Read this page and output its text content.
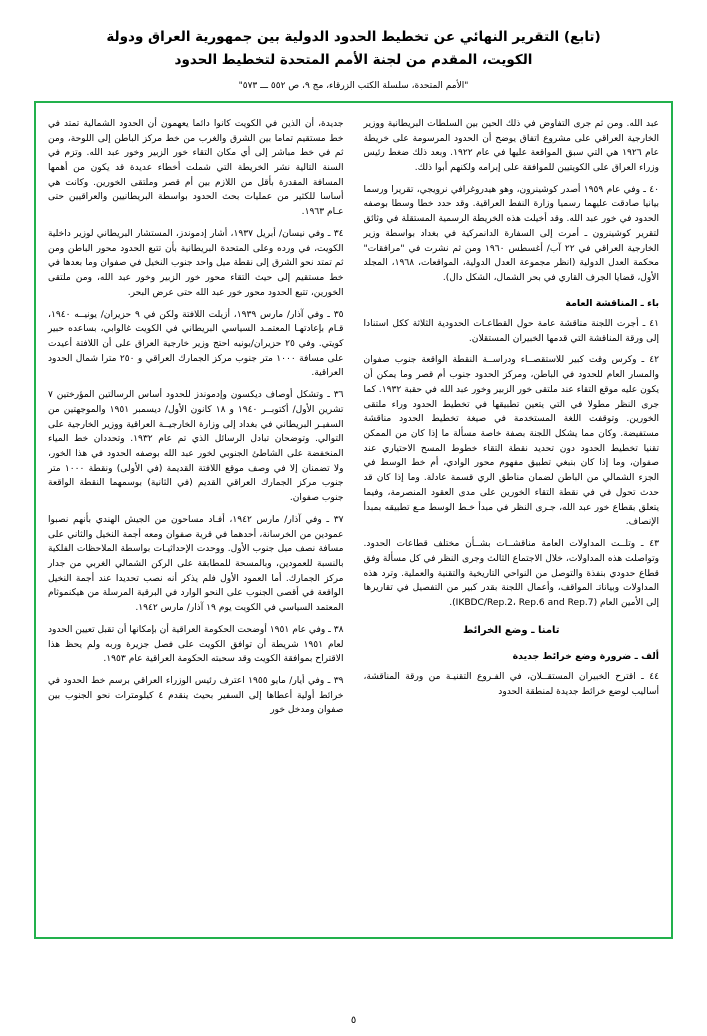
(تابع) التقرير النهائي عن تخطيط الحدود الدولية بين جمهورية العراق ودولة
الكويت، المقدم من لجنة الأمم المتحدة لتخطيط الحدود
"الأمم المتحدة، سلسلة الكتب الزرقاء، مج ٩، ص ٥٥٢ ـــ ٥٧٣"

عبد الله. ومن ثم جرى التفاوض في ذلك الحين بين السلطات البريطانية ووزير الخارجية العراقي على مشروع اتفاق يوضح أن الحدود المرسومة على خريطة عام ١٩٢٦ هي التي سبق المواقعة عليها في عام ١٩٢٢. وبعد ذلك ضغط رئيس وزراء العراق على الكويتيين للموافقة على إبرامه ولكنهم أبوا ذلك.

٤٠ ـ وفي عام ١٩٥٩ أصدر كوشينرون، وهو هيدروغرافي نرويجي، تقريرا ورسما بيانيا صادقت عليهما رسميا وزارة النفط العراقية. وقد حدد خطا وسطا بوصفه الحدود في خور عبد الله. وقد أخيلت هذه الخريطة الرسمية المستقلة في وثائق لتقرير كوشينرون ـ أمرت إلى السفارة الدانمركية في بغداد بواسطة وزير الخارجية العراقي في ٢٢ آب/ أغسطس ١٩٦٠ ومن ثم نشرت في "مرافقات" محكمة العدل الدولية (انظر مجموعة العدل الدولية، المواقعات، ١٩٦٨، المجلد الأول، قضايا الجرف القاري في بحر الشمال، الشكل دال).

باء ـ المناقشة العامة

٤١ ـ أجرت اللجنة مناقشة عامة حول القطاعـات الحدودية الثلاثة ككل استنادا إلى ورقة المناقشة التي قدمها الخبيران المستقلان.

٤٢ ـ وكرس وقت كبير للاستقصــاء ودراســة النقطة الواقعة جنوب صفوان والمسار العام للحدود في الباطن، ومركز الحدود جنوب أم قصر وما يمكن أن يكون عليه موقع التقاء عند ملتقى خور الزبير وخور عبد الله في حقبة ١٩٣٢. كما جرى النظر مطولا في التي يتعين تطبيقها في تخطيط الحدود وراء ملتقى الخورين. وتوقفت اللغة المستخدمة في صيغة تخطيط الحدود مناقشة مستفيضة. وكان مما يشكل اللجنة بصفة خاصة مسألة ما إذا كان من الممكن تقنيا تخطيط الحدود دون تحديد نقطة التقاء خطوط المسح الاحتياري عند صفوان، وما إذا كان بنبغي تطبيق مفهوم محور الوادي، أم خط الوسط في الجزء الشمالي من الباطن لضمان مناطق الري قسمة عادلة. وما إذا كان قد حدث تحول في في نقطة التقاء الخورين على مدى العقود المنصرمة، وفيما يتعلق بقطاع خور عبد الله، جـرى النظر في مبدأ خـط الوسط مـع تطبيقه بمبدأ الإنصاف.

٤٣ ـ وتلــت المداولات العامة مناقشــات بشــأن مختلف قطاعات الحدود. وتواصلت هذه المداولات، خلال الاجتماع الثالث وجرى النظر في كل مسألة وفق قطاع حدودي بنفذة والتوصل من النواحي التاريخية والتقنية والعملية. وترد هذه المداولات وبياناتـ المواقف، وأعمال اللجنة بقدر كبير من التفصيل في تقاريرها إلى الأمين العام (IKBDC/Rep.2، Rep.6 and Rep.7).

تامنا ـ وضع الخرائط
ألف ـ ضرورة وضع خرائط جديدة

٤٤ ـ اقترح الخبيران المستقــلان، في الفـروع التقنيـة من ورقة المناقشة، أساليب لوضع خرائط جديدة لمنطقة الحدود

جديدة، أن الذين في الكويت كانوا دائما يعهمون أن الحدود الشمالية تمتد في خط مستقيم تماما بين الشرق والغرب من خط مركز الباطن إلى اللوحة، ومن ثم في خط مباشر إلى أي مكان التقاء خور الزبير وخور عبد الله. وتزم في السنة التالية نشر الخريطة التي شملت أخطاء عديدة قد يكون من أهمها المسافة المقدرة بأقل من اللازم بين أم قصر وملتقى الخورين. وكانت هي أساسا للكثير من عمليات بحث الحدود بواسطة البريطانيين والعراقيين حتى عـام ١٩٦٣.

٣٤ ـ وفي نيسان/ أبريل ١٩٣٧، أشار إدموندز، المستشار البريطاني لوزير داخلية الكويت، في ورده وعلى المتحدة البريطانية بأن تتبع الحدود محور الباطن ومن ثم تمتد نحو الشرق إلى نقطة ميل واحد جنوب النخيل في صفوان وما بعدها في خط مستقيم إلى حيث التقاء محور خور الزبير وخور عبد الله، ومن ملتقى الخورين، تتبع الحدود محور خور عبد الله حتى عرض البحر.

٣٥ ـ وفي آذار/ مارس ١٩٣٩، أزيلت اللافتة ولكن في ٩ حزيران/ يونيــه ١٩٤٠، قـام بإعادتهـا المعتمـد السياسي البريطاني في الكويت غالوابي، بساعده حبير كويتي. وفي ٢٥ حزيران/يونيه احتج وزير خارجية العراق على أن اللافتة أعيدت على مسافة ١٠٠٠ متر جنوب مركز الجمارك العراقي و ٢٥٠ مترا شمال الحدود العراقية.

٣٦ ـ وتشكل أوصاف ديكسون وإدموندز للحدود أساس الرسالتين المؤرختين ٧ تشرين الأول/ أكتوبــر ١٩٤٠ و ١٨ كانون الأول/ ديسمبر ١٩٥١ والموجهتين من السفيـر البريطاني في بغداد إلى وزارة الخارجيــة العراقية ووزير الخارجية على التوالي. وتوضحان تبادل الرسائل الذي تم عام ١٩٣٢. وتحددان خط المياء المنخفضة على الشاطئ الجنوبي لخور عبد الله بوصفه الحدود في هذا الخور، ولا تضمنان إلا في وصف موقع اللافتة القديمة (في الأولى) ونقطة ١٠٠٠ متر جنوب مركز الجمارك العراقي القديم (في الثانية) بوسمهما النقطة الواقعة جنوب صفوان.

٣٧ ـ وفي آذار/ مارس ١٩٤٢، أفـاد مساحون من الجيش الهندي بأنهم نصبوا عمودين من الخرسانة، أحدهما في قرية صفوان ومعه أجمة النخيل والثاني على مسافة نصف ميل جنوب الأول. ووحدت الإحداثيـات بواسطة الملاحظات الفلكية بالنسبة للعمودين، وبالمسحة للمطابقة على الركن الشمالي الغربي من جدار مركز الجمارك. أما العمود الأول فلم يذكر أنه نصب تحديدا عند أجمة النخيل الواقعة في أقصى الجنوب على النحو الوارد في البرقية المرسلة من هيكنموثام المعتمد السياسي في الكويت يوم ١٩ آذار/ مارس ١٩٤٢.

٣٨ ـ وفي عام ١٩٥١ أوضحت الحكومة العراقية أن بإمكانها أن تقبل تعيين الحدود لعام ١٩٥١ شريطة أن توافق الكويت على فصل جزيرة وربه ولم يحظ هذا الاقتراح بموافقة الكويت وقد سحبته الحكومة العراقية عام ١٩٥٣.

٣٩ ـ وفي أيار/ مايو ١٩٥٥ اعترف رئيس الوزراء العراقي برسم خط الحدود في خرائط أولية أعطاها إلى السفير بحيث ينقدم ٤ كيلومترات نحو الجنوب بين صفوان ومدخل خور

٥
